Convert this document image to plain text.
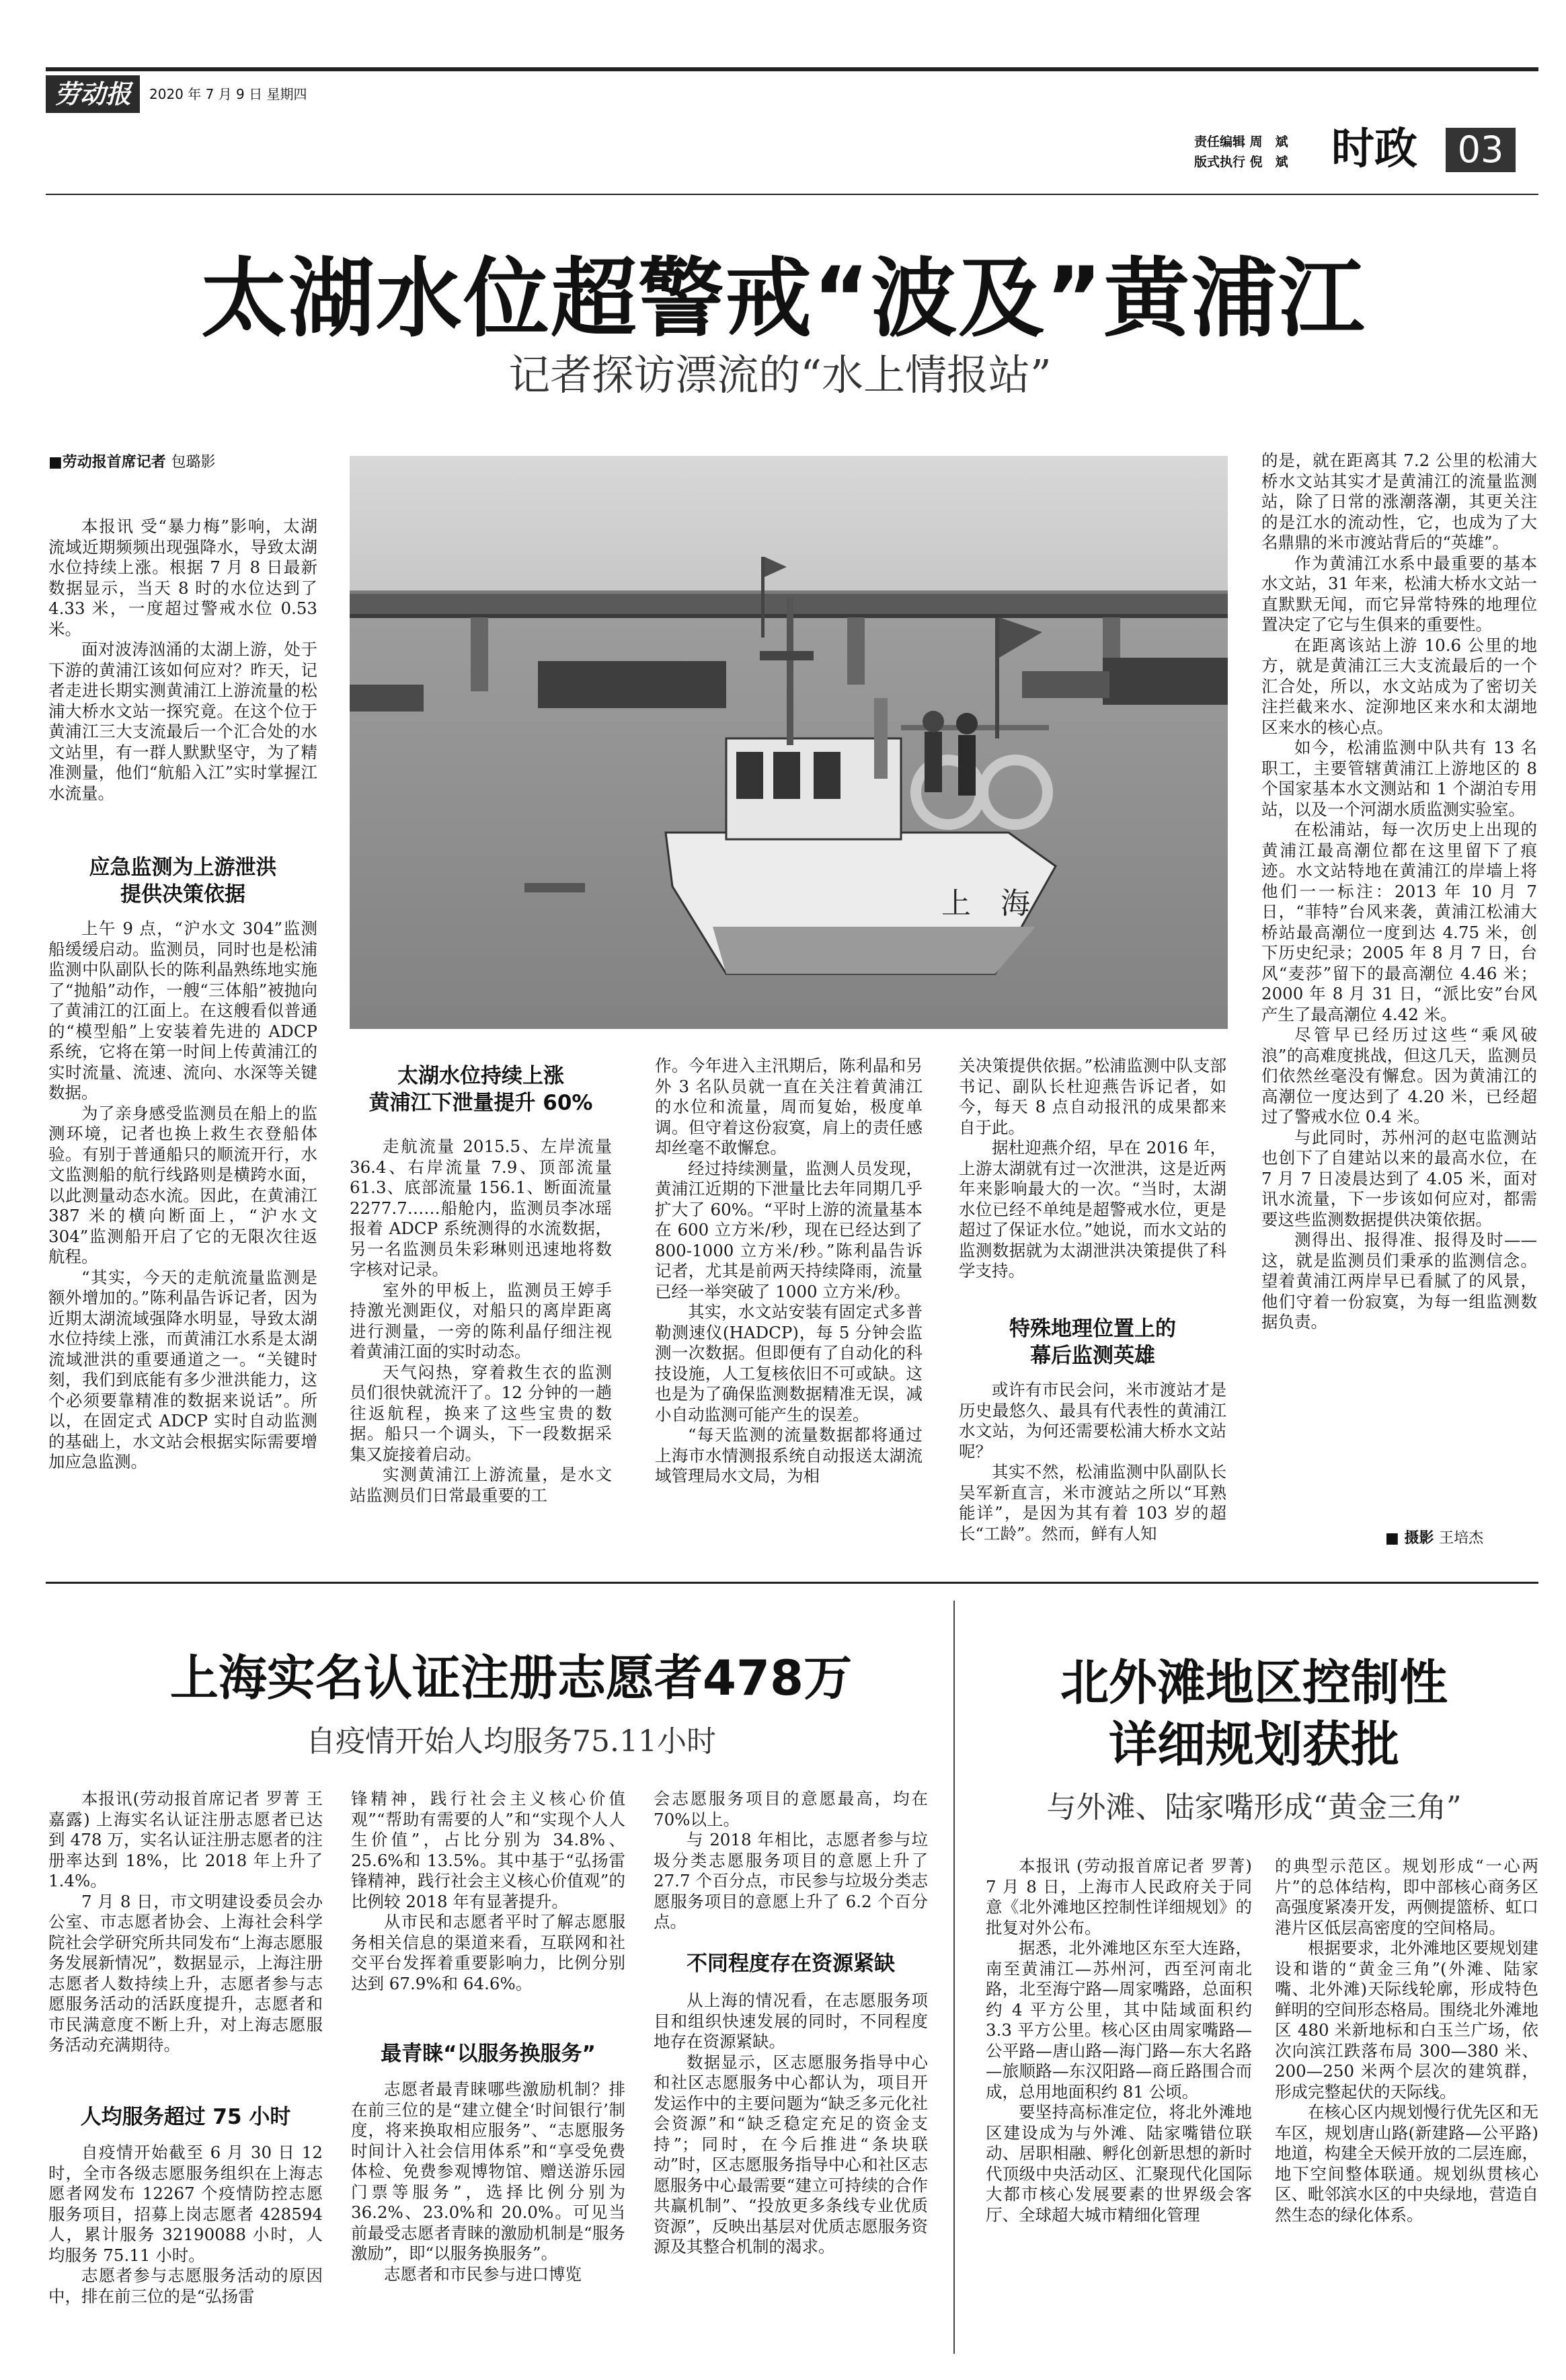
劳动报	2020 年 7 月 9 日 星期四
责任编辑 周　斌
版式执行 倪　斌 时政	03
太湖水位超警戒“波及”黄浦江
记者探访漂流的“水上情报站”
■劳动报首席记者 包璐影

本报讯 受“暴力梅”影响，太湖流域近期频频出现强降水，导致太湖水位持续上涨。根据 7 月 8 日最新数据显示，当天 8 时的水位达到了 4.33 米，一度超过警戒水位 0.53 米。

面对波涛汹涌的太湖上游，处于下游的黄浦江该如何应对？昨天，记者走进长期实测黄浦江上游流量的松浦大桥水文站一探究竟。在这个位于黄浦江三大支流最后一个汇合处的水文站里，有一群人默默坚守，为了精准测量，他们“航船入江”实时掌握江水流量。

应急监测为上游泄洪
提供决策依据

上午 9 点，“沪水文 304”监测船缓缓启动。监测员，同时也是松浦监测中队副队长的陈利晶熟练地实施了“抛船”动作，一艘“三体船”被抛向了黄浦江的江面上。在这艘看似普通的“模型船”上安装着先进的 ADCP 系统，它将在第一时间上传黄浦江的实时流量、流速、流向、水深等关键数据。

为了亲身感受监测员在船上的监测环境，记者也换上救生衣登船体验。有别于普通船只的顺流开行，水文监测船的航行线路则是横跨水面，以此测量动态水流。因此，在黄浦江 387 米的横向断面上，“沪水文 304”监测船开启了它的无限次往返航程。

“其实，今天的走航流量监测是额外增加的。”陈利晶告诉记者，因为近期太湖流域强降水明显，导致太湖水位持续上涨，而黄浦江水系是太湖流域泄洪的重要通道之一。“关键时刻，我们到底能有多少泄洪能力，这个必须要靠精准的数据来说话”。所以，在固定式 ADCP 实时自动监测的基础上，水文站会根据实际需要增加应急监测。

上　海
太湖水位持续上涨
黄浦江下泄量提升 60%

走航流量 2015.5、左岸流量 36.4、右岸流量 7.9、顶部流量 61.3、底部流量 156.1、断面流量 2277.7……船舱内，监测员李冰瑶报着 ADCP 系统测得的水流数据，另一名监测员朱彩琳则迅速地将数字核对记录。

室外的甲板上，监测员王婷手持激光测距仪，对船只的离岸距离进行测量，一旁的陈利晶仔细注视着黄浦江面的实时动态。

天气闷热，穿着救生衣的监测员们很快就流汗了。12 分钟的一趟往返航程，换来了这些宝贵的数据。船只一个调头，下一段数据采集又旋接着启动。

实测黄浦江上游流量，是水文站监测员们日常最重要的工

作。今年进入主汛期后，陈利晶和另外 3 名队员就一直在关注着黄浦江的水位和流量，周而复始，极度单调。但守着这份寂寞，肩上的责任感却丝毫不敢懈怠。

经过持续测量，监测人员发现，黄浦江近期的下泄量比去年同期几乎扩大了 60%。“平时上游的流量基本在 600 立方米/秒，现在已经达到了 800-1000 立方米/秒。”陈利晶告诉记者，尤其是前两天持续降雨，流量已经一举突破了 1000 立方米/秒。

其实，水文站安装有固定式多普勒测速仪(HADCP)，每 5 分钟会监测一次数据。但即便有了自动化的科技设施，人工复核依旧不可或缺。这也是为了确保监测数据精准无误，减小自动监测可能产生的误差。

“每天监测的流量数据都将通过上海市水情测报系统自动报送太湖流域管理局水文局，为相

关决策提供依据。”松浦监测中队支部书记、副队长杜迎燕告诉记者，如今，每天 8 点自动报汛的成果都来自于此。

据杜迎燕介绍，早在 2016 年，上游太湖就有过一次泄洪，这是近两年来影响最大的一次。“当时，太湖水位已经不单纯是超警戒水位，更是超过了保证水位。”她说，而水文站的监测数据就为太湖泄洪决策提供了科学支持。

特殊地理位置上的
幕后监测英雄

或许有市民会问，米市渡站才是历史最悠久、最具有代表性的黄浦江水文站，为何还需要松浦大桥水文站呢？

其实不然，松浦监测中队副队长吴军新直言，米市渡站之所以“耳熟能详”，是因为其有着 103 岁的超长“工龄”。然而，鲜有人知

的是，就在距离其 7.2 公里的松浦大桥水文站其实才是黄浦江的流量监测站，除了日常的涨潮落潮，其更关注的是江水的流动性，它，也成为了大名鼎鼎的米市渡站背后的“英雄”。

作为黄浦江水系中最重要的基本水文站，31 年来，松浦大桥水文站一直默默无闻，而它异常特殊的地理位置决定了它与生俱来的重要性。

在距离该站上游 10.6 公里的地方，就是黄浦江三大支流最后的一个汇合处，所以，水文站成为了密切关注拦截来水、淀泖地区来水和太湖地区来水的核心点。

如今，松浦监测中队共有 13 名职工，主要管辖黄浦江上游地区的 8 个国家基本水文测站和 1 个湖泊专用站，以及一个河湖水质监测实验室。

在松浦站，每一次历史上出现的黄浦江最高潮位都在这里留下了痕迹。水文站特地在黄浦江的岸墙上将他们一一标注：2013 年 10 月 7 日，“菲特”台风来袭，黄浦江松浦大桥站最高潮位一度到达 4.75 米，创下历史纪录；2005 年 8 月 7 日，台风“麦莎”留下的最高潮位 4.46 米；2000 年 8 月 31 日，“派比安”台风产生了最高潮位 4.42 米。

尽管早已经历过这些“乘风破浪”的高难度挑战，但这几天，监测员们依然丝毫没有懈怠。因为黄浦江的高潮位一度达到了 4.20 米，已经超过了警戒水位 0.4 米。

与此同时，苏州河的赵屯监测站也创下了自建站以来的最高水位，在 7 月 7 日凌晨达到了 4.05 米，面对讯水流量，下一步该如何应对，都需要这些监测数据提供决策依据。

测得出、报得准、报得及时——这，就是监测员们秉承的监测信念。望着黄浦江两岸早已看腻了的风景，他们守着一份寂寞，为每一组监测数据负责。

■ 摄影 王培杰
上海实名认证注册志愿者478万
自疫情开始人均服务75.11小时

本报讯(劳动报首席记者 罗菁 王嘉露) 上海实名认证注册志愿者已达到 478 万，实名认证注册志愿者的注册率达到 18%，比 2018 年上升了 1.4%。

7 月 8 日，市文明建设委员会办公室、市志愿者协会、上海社会科学院社会学研究所共同发布“上海志愿服务发展新情况”，数据显示，上海注册志愿者人数持续上升，志愿者参与志愿服务活动的活跃度提升，志愿者和市民满意度不断上升，对上海志愿服务活动充满期待。

人均服务超过 75 小时

自疫情开始截至 6 月 30 日 12 时，全市各级志愿服务组织在上海志愿者网发布 12267 个疫情防控志愿服务项目，招募上岗志愿者 428594 人，累计服务 32190088 小时，人均服务 75.11 小时。

志愿者参与志愿服务活动的原因中，排在前三位的是“弘扬雷

锋精神，践行社会主义核心价值观”“帮助有需要的人”和“实现个人人生价值”，占比分别为 34.8%、25.6%和 13.5%。其中基于“弘扬雷锋精神，践行社会主义核心价值观”的比例较 2018 年有显著提升。

从市民和志愿者平时了解志愿服务相关信息的渠道来看，互联网和社交平台发挥着重要影响力，比例分别达到 67.9%和 64.6%。

最青睐“以服务换服务”

志愿者最青睐哪些激励机制？排在前三位的是“建立健全‘时间银行’制度，将来换取相应服务”、“志愿服务时间计入社会信用体系”和“享受免费体检、免费参观博物馆、赠送游乐园门票等服务”，选择比例分别为 36.2%、23.0%和 20.0%。可见当前最受志愿者青睐的激励机制是“服务激励”，即“以服务换服务”。

志愿者和市民参与进口博览

会志愿服务项目的意愿最高，均在 70%以上。

与 2018 年相比，志愿者参与垃圾分类志愿服务项目的意愿上升了 27.7 个百分点，市民参与垃圾分类志愿服务项目的意愿上升了 6.2 个百分点。

不同程度存在资源紧缺

从上海的情况看，在志愿服务项目和组织快速发展的同时，不同程度地存在资源紧缺。

数据显示，区志愿服务指导中心和社区志愿服务中心都认为，项目开发运作中的主要问题为“缺乏多元化社会资源”和“缺乏稳定充足的资金支持”；同时，在今后推进“条块联动”时，区志愿服务指导中心和社区志愿服务中心最需要“建立可持续的合作共赢机制”、“投放更多条线专业优质资源”，反映出基层对优质志愿服务资源及其整合机制的渴求。

北外滩地区控制性
详细规划获批
与外滩、陆家嘴形成“黄金三角”

本报讯 (劳动报首席记者 罗菁) 7 月 8 日，上海市人民政府关于同意《北外滩地区控制性详细规划》的批复对外公布。

据悉，北外滩地区东至大连路，南至黄浦江—苏州河，西至河南北路，北至海宁路—周家嘴路，总面积约 4 平方公里，其中陆域面积约 3.3 平方公里。核心区由周家嘴路—公平路—唐山路—海门路—东大名路—旅顺路—东汉阳路—商丘路围合而成，总用地面积约 81 公顷。

要坚持高标准定位，将北外滩地区建设成为与外滩、陆家嘴错位联动、居职相融、孵化创新思想的新时代顶级中央活动区、汇聚现代化国际大都市核心发展要素的世界级会客厅、全球超大城市精细化管理

的典型示范区。规划形成“一心两片”的总体结构，即中部核心商务区高强度紧凑开发，两侧提篮桥、虹口港片区低层高密度的空间格局。

根据要求，北外滩地区要规划建设和谐的“黄金三角”(外滩、陆家嘴、北外滩)天际线轮廓，形成特色鲜明的空间形态格局。围绕北外滩地区 480 米新地标和白玉兰广场，依次向滨江跌落布局 300—380 米、200—250 米两个层次的建筑群，形成完整起伏的天际线。

在核心区内规划慢行优先区和无车区，规划唐山路(新建路—公平路)地道，构建全天候开放的二层连廊，地下空间整体联通。规划纵贯核心区、毗邻滨水区的中央绿地，营造自然生态的绿化体系。
